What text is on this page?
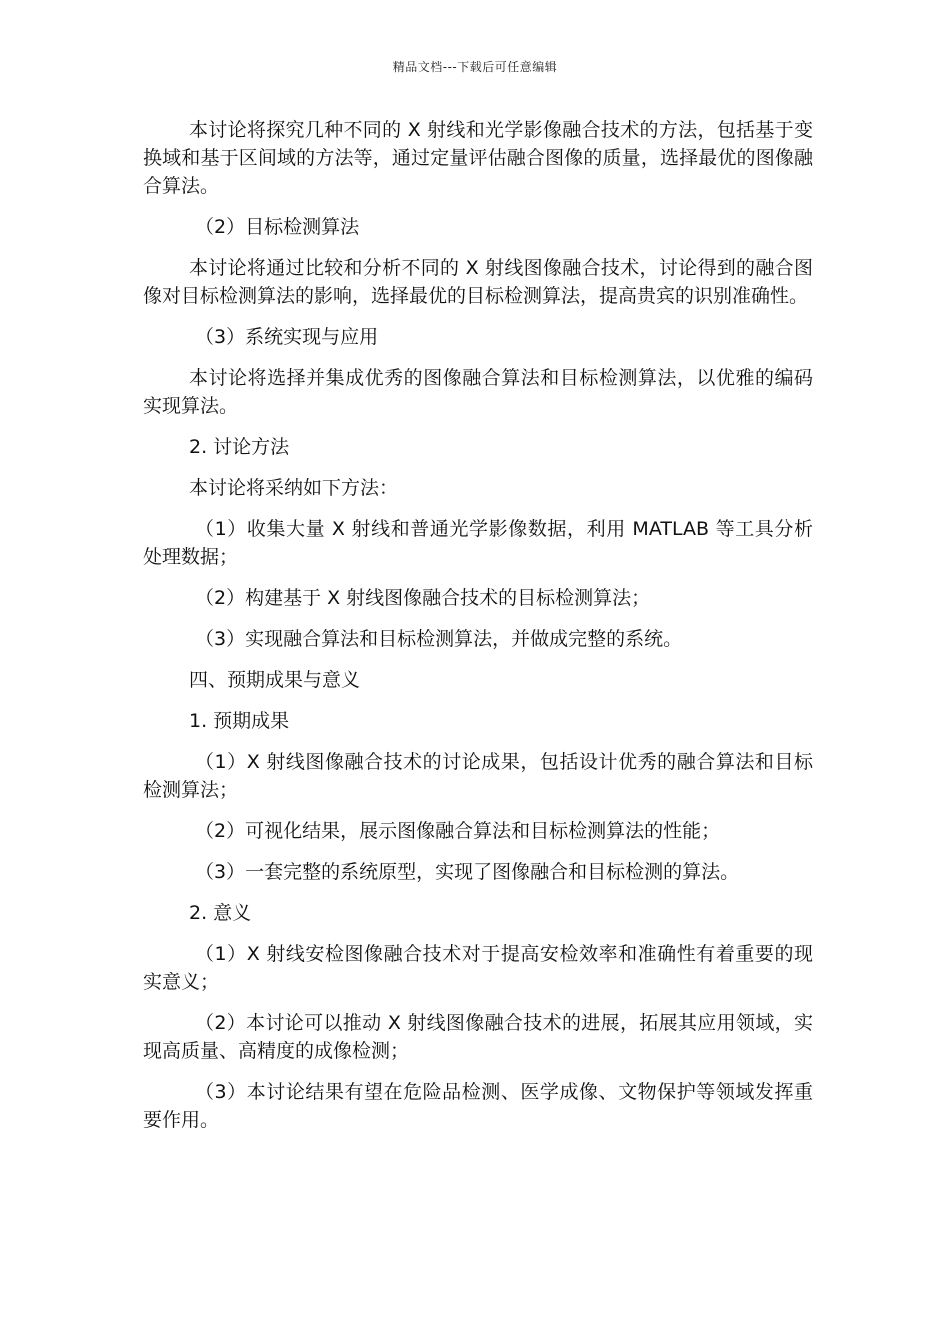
精品文档---下载后可任意编辑

本讨论将探究几种不同的 X 射线和光学影像融合技术的方法，包括基于变换域和基于区间域的方法等，通过定量评估融合图像的质量，选择最优的图像融合算法。

（2）目标检测算法

本讨论将通过比较和分析不同的 X 射线图像融合技术，讨论得到的融合图像对目标检测算法的影响，选择最优的目标检测算法，提高贵宾的识别准确性。

（3）系统实现与应用

本讨论将选择并集成优秀的图像融合算法和目标检测算法，以优雅的编码实现算法。

2. 讨论方法

本讨论将采纳如下方法：

（1）收集大量 X 射线和普通光学影像数据，利用 MATLAB 等工具分析处理数据；

（2）构建基于 X 射线图像融合技术的目标检测算法；

（3）实现融合算法和目标检测算法，并做成完整的系统。

四、预期成果与意义

1. 预期成果

（1）X 射线图像融合技术的讨论成果，包括设计优秀的融合算法和目标检测算法；

（2）可视化结果，展示图像融合算法和目标检测算法的性能；

（3）一套完整的系统原型，实现了图像融合和目标检测的算法。

2. 意义

（1）X 射线安检图像融合技术对于提高安检效率和准确性有着重要的现实意义；

（2）本讨论可以推动 X 射线图像融合技术的进展，拓展其应用领域，实现高质量、高精度的成像检测；

（3）本讨论结果有望在危险品检测、医学成像、文物保护等领域发挥重要作用。
